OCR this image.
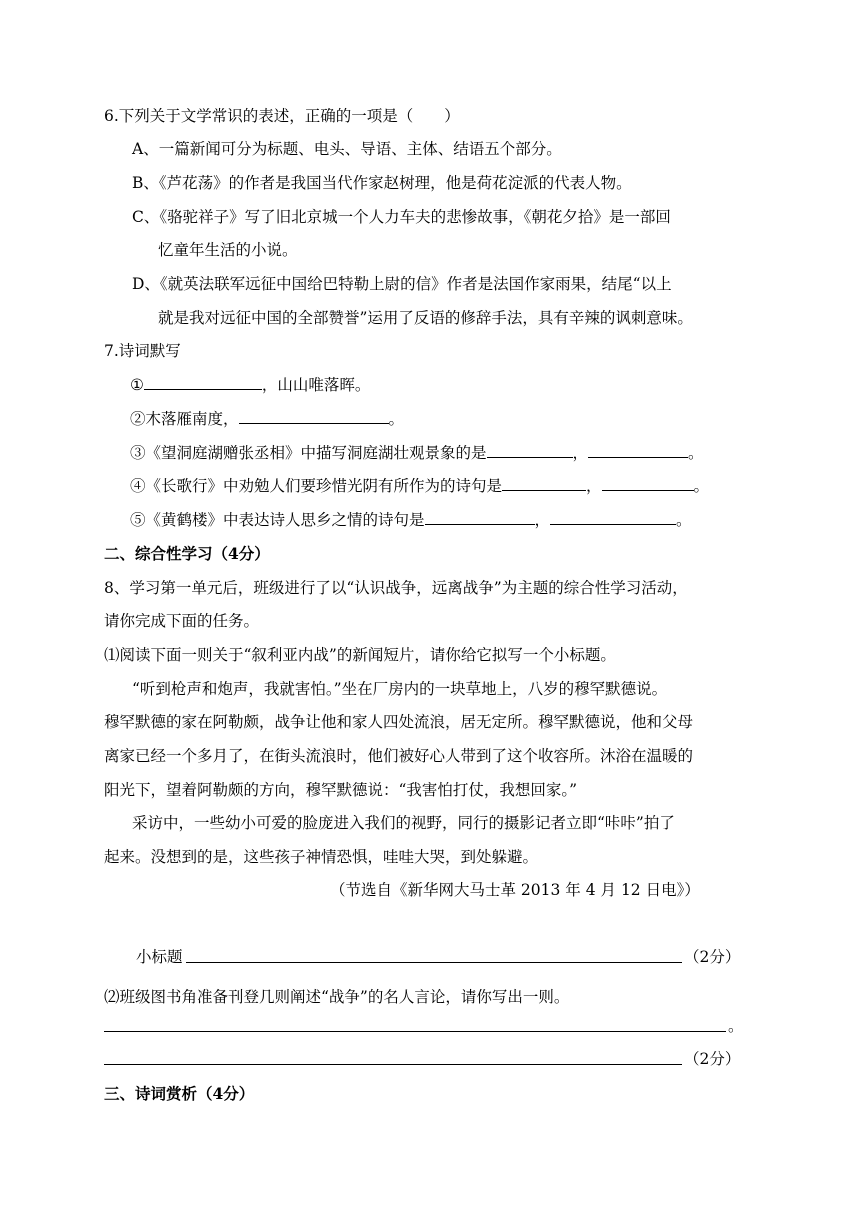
6.下列关于文学常识的表述，正确的一项是（　　）
A、一篇新闻可分为标题、电头、导语、主体、结语五个部分。
B、《芦花荡》的作者是我国当代作家赵树理，他是荷花淀派的代表人物。
C、《骆驼祥子》写了旧北京城一个人力车夫的悲惨故事，《朝花夕拾》是一部回
忆童年生活的小说。
D、《就英法联军远征中国给巴特勒上尉的信》作者是法国作家雨果，结尾“以上
就是我对远征中国的全部赞誉”运用了反语的修辞手法，具有辛辣的讽刺意味。
7.诗词默写
①	，山山唯落晖。
②木落雁南度，	。
③《望洞庭湖赠张丞相》中描写洞庭湖壮观景象的是	，	。
④《长歌行》中劝勉人们要珍惜光阴有所作为的诗句是	，	。
⑤《黄鹤楼》中表达诗人思乡之情的诗句是	，	。
二、综合性学习（4分）
8、学习第一单元后，班级进行了以“认识战争，远离战争”为主题的综合性学习活动，
请你完成下面的任务。
⑴阅读下面一则关于“叙利亚内战”的新闻短片，请你给它拟写一个小标题。
“听到枪声和炮声，我就害怕。”坐在厂房内的一块草地上，八岁的穆罕默德说。
穆罕默德的家在阿勒颇，战争让他和家人四处流浪，居无定所。穆罕默德说，他和父母
离家已经一个多月了，在街头流浪时，他们被好心人带到了这个收容所。沐浴在温暖的
阳光下，望着阿勒颇的方向，穆罕默德说：“我害怕打仗，我想回家。”
采访中，一些幼小可爱的脸庞进入我们的视野，同行的摄影记者立即“咔咔”拍了
起来。没想到的是，这些孩子神情恐惧，哇哇大哭，到处躲避。
（节选自《新华网大马士革 2013 年 4 月 12 日电》）
小标题	（2分）
⑵班级图书角准备刊登几则阐述“战争”的名人言论，请你写出一则。
。
（2分）
三、诗词赏析（4分）
